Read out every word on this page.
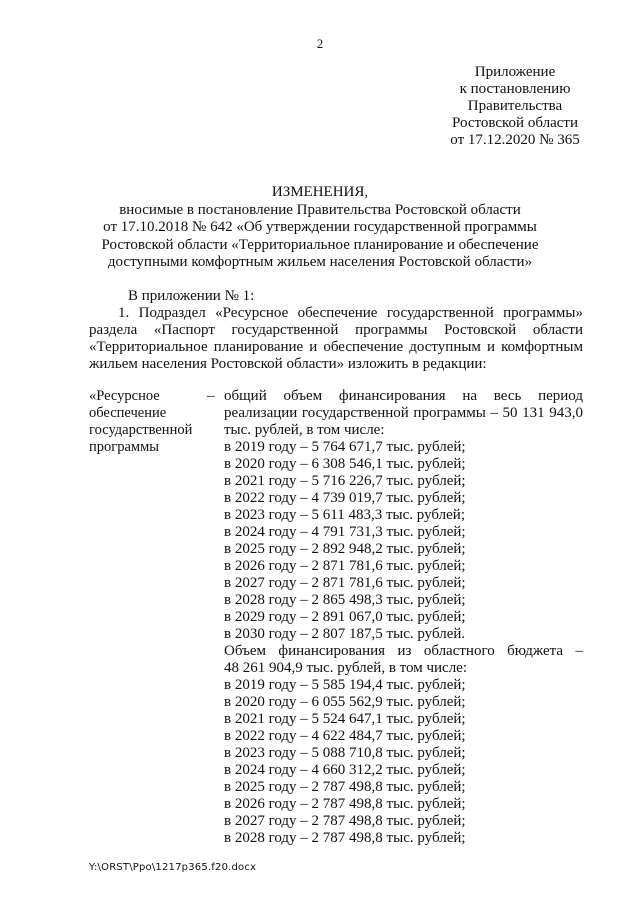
2
Приложение
к постановлению
Правительства
Ростовской области
от 17.12.2020 № 365
ИЗМЕНЕНИЯ,
вносимые в постановление Правительства Ростовской области
от 17.10.2018 № 642 «Об утверждении государственной программы
Ростовской области «Территориальное планирование и обеспечение
доступными комфортным жильем населения Ростовской области»
В приложении № 1:
1. Подраздел «Ресурсное обеспечение государственной программы» раздела «Паспорт государственной программы Ростовской области «Территориальное планирование и обеспечение доступным и комфортным жильем населения Ростовской области» изложить в редакции:
«Ресурсное
обеспечение
государственной
программы
– общий объем финансирования на весь период реализации государственной программы – 50 131 943,0 тыс. рублей, в том числе:
в 2019 году – 5 764 671,7 тыс. рублей;
в 2020 году – 6 308 546,1 тыс. рублей;
в 2021 году – 5 716 226,7 тыс. рублей;
в 2022 году – 4 739 019,7 тыс. рублей;
в 2023 году – 5 611 483,3 тыс. рублей;
в 2024 году – 4 791 731,3 тыс. рублей;
в 2025 году – 2 892 948,2 тыс. рублей;
в 2026 году – 2 871 781,6 тыс. рублей;
в 2027 году – 2 871 781,6 тыс. рублей;
в 2028 году – 2 865 498,3 тыс. рублей;
в 2029 году – 2 891 067,0 тыс. рублей;
в 2030 году – 2 807 187,5 тыс. рублей.
Объем финансирования из областного бюджета –
48 261 904,9 тыс. рублей, в том числе:
в 2019 году – 5 585 194,4 тыс. рублей;
в 2020 году – 6 055 562,9 тыс. рублей;
в 2021 году – 5 524 647,1 тыс. рублей;
в 2022 году – 4 622 484,7 тыс. рублей;
в 2023 году – 5 088 710,8 тыс. рублей;
в 2024 году – 4 660 312,2 тыс. рублей;
в 2025 году – 2 787 498,8 тыс. рублей;
в 2026 году – 2 787 498,8 тыс. рублей;
в 2027 году – 2 787 498,8 тыс. рублей;
в 2028 году – 2 787 498,8 тыс. рублей;
Y:\ORST\Ppo\1217p365.f20.docx
